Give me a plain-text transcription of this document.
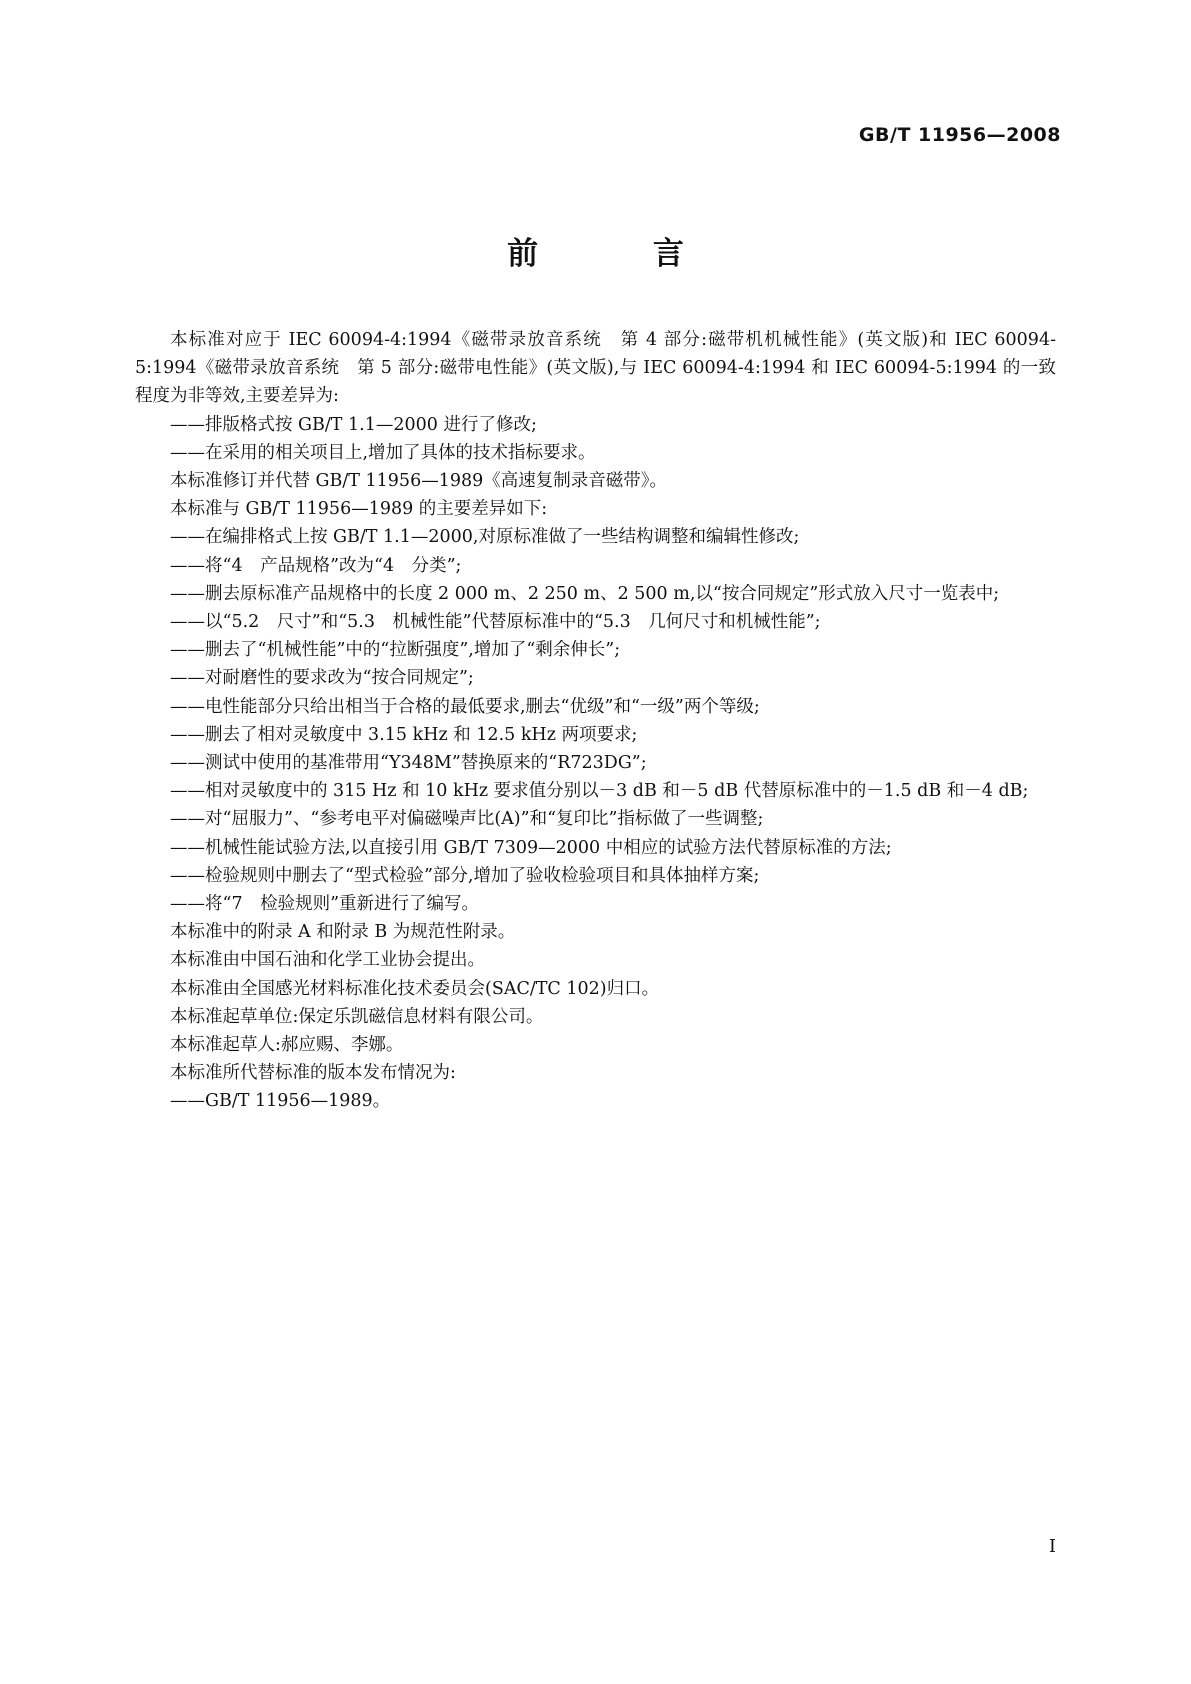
GB/T 11956—2008
前 言

本标准对应于 IEC 60094-4:1994《磁带录放音系统　第 4 部分:磁带机机械性能》(英文版)和 IEC 60094-5:1994《磁带录放音系统　第 5 部分:磁带电性能》(英文版),与 IEC 60094-4:1994 和 IEC 60094-5:1994 的一致程度为非等效,主要差异为:

—— 排版格式按 GB/T 1.1—2000 进行了修改;
—— 在采用的相关项目上,增加了具体的技术指标要求。

本标准修订并代替 GB/T 11956—1989《高速复制录音磁带》。

本标准与 GB/T 11956—1989 的主要差异如下:

—— 在编排格式上按 GB/T 1.1—2000,对原标准做了一些结构调整和编辑性修改;
—— 将“4　产品规格”改为“4　分类”;
—— 删去原标准产品规格中的长度 2 000 m、2 250 m、2 500 m,以“按合同规定”形式放入尺寸一览表中;
—— 以“5.2　尺寸”和“5.3　机械性能”代替原标准中的“5.3　几何尺寸和机械性能”;
—— 删去了“机械性能”中的“拉断强度”,增加了“剩余伸长”;
—— 对耐磨性的要求改为“按合同规定”;
—— 电性能部分只给出相当于合格的最低要求,删去“优级”和“一级”两个等级;
—— 删去了相对灵敏度中 3.15 kHz 和 12.5 kHz 两项要求;
—— 测试中使用的基准带用“Y348M”替换原来的“R723DG”;
—— 相对灵敏度中的 315 Hz 和 10 kHz 要求值分别以－3 dB 和－5 dB 代替原标准中的－1.5 dB 和－4 dB;
—— 对“屈服力”、“参考电平对偏磁噪声比(A)”和“复印比”指标做了一些调整;
—— 机械性能试验方法,以直接引用 GB/T 7309—2000 中相应的试验方法代替原标准的方法;
—— 检验规则中删去了“型式检验”部分,增加了验收检验项目和具体抽样方案;
—— 将“7　检验规则”重新进行了编写。

本标准中的附录 A 和附录 B 为规范性附录。

本标准由中国石油和化学工业协会提出。

本标准由全国感光材料标准化技术委员会(SAC/TC 102)归口。

本标准起草单位:保定乐凯磁信息材料有限公司。

本标准起草人:郝应赐、李娜。

本标准所代替标准的版本发布情况为:

—— GB/T 11956—1989。
I
